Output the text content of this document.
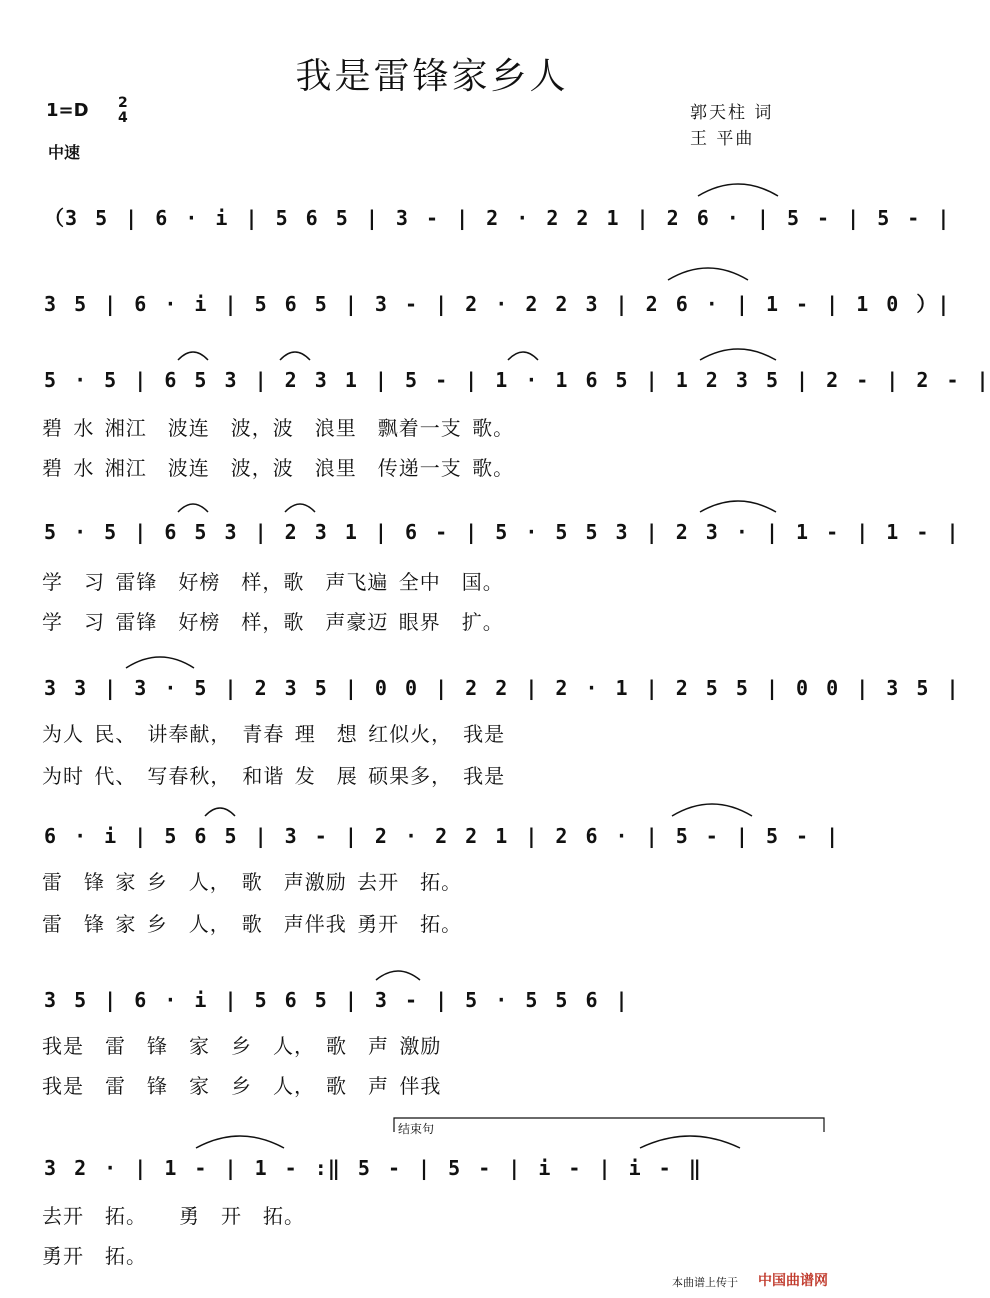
我是雷锋家乡人
1=D 2
4
中速
郭天柱 词
王 平曲
（3 5 | 6 · i | 5 6 5 | 3 - | 2 · 2 2 1 | 2 6 · | 5 - | 5 - |
3 5 | 6 · i | 5 6 5 | 3 - | 2 · 2 2 3 | 2 6 · | 1 - | 1 0 ）|
5 · 5 | 6 5 3 | 2 3 1 | 5 - | 1 · 1 6 5 | 1 2 3 5 | 2 - | 2 - |
碧 水 湘江　波连　波，波　浪里　飘着一支 歌。
碧 水 湘江　波连　波，波　浪里　传递一支 歌。
5 · 5 | 6 5 3 | 2 3 1 | 6 - | 5 · 5 5 3 | 2 3 · | 1 - | 1 - |
学　习 雷锋　好榜　样，歌　声飞遍 全中　国。
学　习 雷锋　好榜　样，歌　声豪迈 眼界　扩。
3 3 | 3 · 5 | 2 3 5 | 0 0 | 2 2 | 2 · 1 | 2 5 5 | 0 0 | 3 5 |
为人 民、　讲奉献，　青春 理　想 红似火，　我是
为时 代、　写春秋，　和谐 发　展 硕果多，　我是
6 · i | 5 6 5 | 3 - | 2 · 2 2 1 | 2 6 · | 5 - | 5 - |
雷　锋 家 乡　人，　歌　声激励 去开　拓。
雷　锋 家 乡　人，　歌　声伴我 勇开　拓。
3 5 | 6 · i | 5 6 5 | 3 - | 5 · 5 5 6 |
我是　雷　锋　家　乡　人，　歌　声 激励
我是　雷　锋　家　乡　人，　歌　声 伴我
结束句
3 2 · | 1 - | 1 - :‖ 5 - | 5 - | i - | i - ‖
去开　拓。　　勇　开　拓。
勇开　拓。
本曲谱上传于 中国曲谱网
